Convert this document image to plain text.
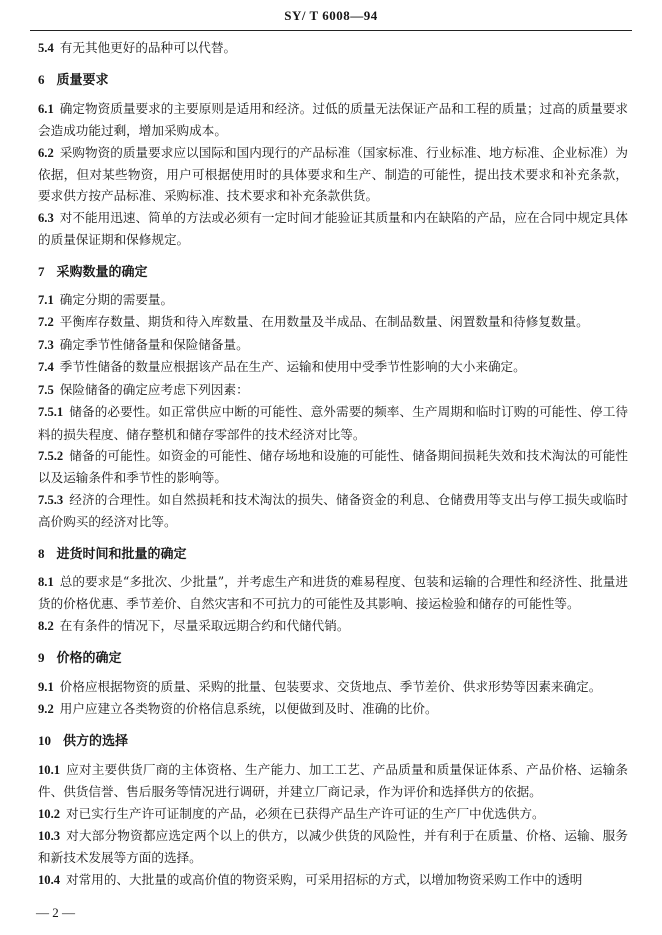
SY/ T 6008—94

5.4 有无其他更好的品种可以代替。

6 质量要求

6.1 确定物资质量要求的主要原则是适用和经济。过低的质量无法保证产品和工程的质量；过高的质量要求会造成功能过剩，增加采购成本。

6.2 采购物资的质量要求应以国际和国内现行的产品标准（国家标准、行业标准、地方标准、企业标准）为依据，但对某些物资，用户可根据使用时的具体要求和生产、制造的可能性，提出技术要求和补充条款，要求供方按产品标准、采购标准、技术要求和补充条款供货。

6.3 对不能用迅速、简单的方法或必须有一定时间才能验证其质量和内在缺陷的产品，应在合同中规定具体的质量保证期和保修规定。

7 采购数量的确定

7.1 确定分期的需要量。

7.2 平衡库存数量、期货和待入库数量、在用数量及半成品、在制品数量、闲置数量和待修复数量。

7.3 确定季节性储备量和保险储备量。

7.4 季节性储备的数量应根据该产品在生产、运输和使用中受季节性影响的大小来确定。

7.5 保险储备的确定应考虑下列因素：

7.5.1 储备的必要性。如正常供应中断的可能性、意外需要的频率、生产周期和临时订购的可能性、停工待料的损失程度、储存整机和储存零部件的技术经济对比等。

7.5.2 储备的可能性。如资金的可能性、储存场地和设施的可能性、储备期间损耗失效和技术淘汰的可能性以及运输条件和季节性的影响等。

7.5.3 经济的合理性。如自然损耗和技术淘汰的损失、储备资金的利息、仓储费用等支出与停工损失或临时高价购买的经济对比等。

8 进货时间和批量的确定

8.1 总的要求是“多批次、少批量”，并考虑生产和进货的难易程度、包装和运输的合理性和经济性、批量进货的价格优惠、季节差价、自然灾害和不可抗力的可能性及其影响、接运检验和储存的可能性等。

8.2 在有条件的情况下，尽量采取远期合约和代储代销。

9 价格的确定

9.1 价格应根据物资的质量、采购的批量、包装要求、交货地点、季节差价、供求形势等因素来确定。

9.2 用户应建立各类物资的价格信息系统，以便做到及时、准确的比价。

10 供方的选择

10.1 应对主要供货厂商的主体资格、生产能力、加工工艺、产品质量和质量保证体系、产品价格、运输条件、供货信誉、售后服务等情况进行调研，并建立厂商记录，作为评价和选择供方的依据。

10.2 对已实行生产许可证制度的产品，必须在已获得产品生产许可证的生产厂中优选供方。

10.3 对大部分物资都应选定两个以上的供方，以减少供货的风险性，并有利于在质量、价格、运输、服务和新技术发展等方面的选择。

10.4 对常用的、大批量的或高价值的物资采购，可采用招标的方式，以增加物资采购工作中的透明

— 2 —
